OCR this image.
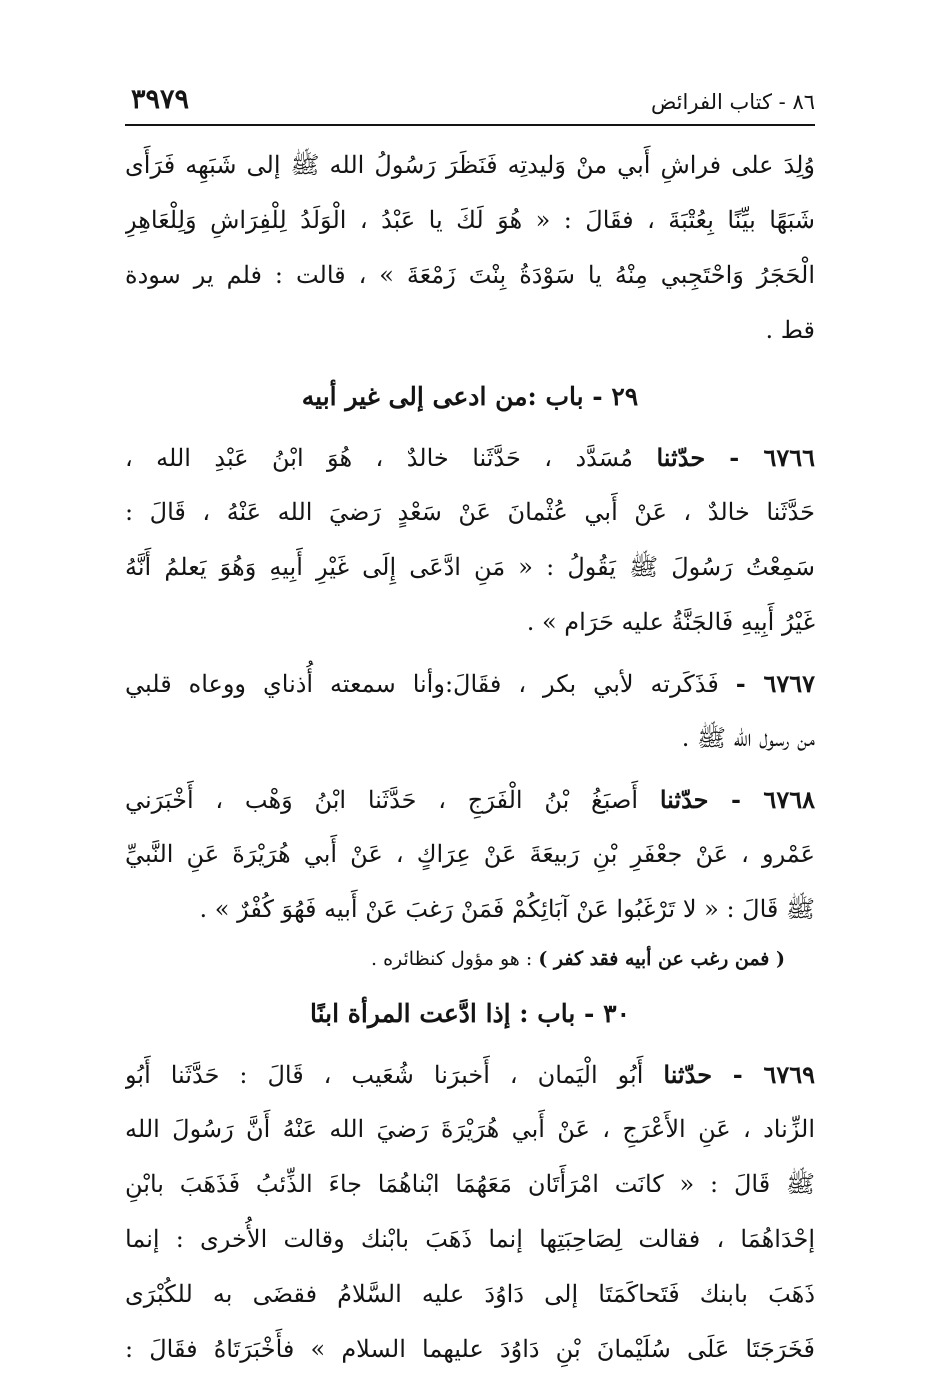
٨٦ - كتاب الفرائض
٣٩٧٩
وُلِدَ على فراشِ أَبي منْ وَليدتِه فَنَظَرَ رَسُولُ الله ﷺ إلى شَبَهِه فَرَأَى
شَبَهًا بيِّنًا بِعُتْبَةَ ، فقَالَ : « هُوَ لَكَ يا عَبْدُ ، الْوَلَدُ لِلْفِرَاشِ وَلِلْعَاهِرِ
الْحَجَرُ وَاحْتَجِبي مِنْهُ يا سَوْدَةُ بِنْتَ زَمْعَةَ » ، قالت : فلم ير سودة
قط .
٢٩ - باب :من ادعى إلى غير أبيه
٦٧٦٦ - حدّثنا مُسَدَّد ، حَدَّثَنا خالدٌ ، هُوَ ابْنُ عَبْدِ الله ،
حَدَّثَنا خالدٌ ، عَنْ أَبي عُثْمانَ عَنْ سَعْدٍ رَضيَ الله عَنْهُ ، قَالَ :
سَمِعْتُ رَسُولَ ﷺ يَقُولُ : « مَنِ ادَّعَى إِلَى غَيْرِ أَبِيهِ وَهُوَ يَعلمُ أَنَّهُ
غَيْرُ أَبِيهِ فَالجَنَّةُ عليه حَرَام » .
٦٧٦٧ - فَذَكَرته لأبي بكر ، فقَالَ:وأنا سمعته أُذناي ووعاه قلبي
من رسول الله ﷺ .
٦٧٦٨ - حدّثنا أَصبَغُ بْنُ الْفَرَجِ ، حَدَّثَنا ابْنُ وَهْب ، أَخْبَرَني
عَمْرو ، عَنْ جعْفَرِ بْنِ رَبيعَةَ عَنْ عِرَاكٍ ، عَنْ أَبي هُرَيْرَةَ عَنِ النَّبيِّ
ﷺ قَالَ : « لا تَرْغَبُوا عَنْ آبَائِكُمْ فَمَنْ رَغبَ عَنْ أَبيه فَهُوَ كُفْرٌ » .
( فمن رغب عن أبيه فقد كفر ) : هو مؤول كنظائره .
٣٠ - باب : إذا ادَّعت المرأة ابنًا
٦٧٦٩ - حدّثنا أَبُو الْيَمان ، أَخبرَنا شُعَيب ، قَالَ : حَدَّثَنا أَبُو
الزِّناد ، عَنِ الأَعْرَجِ ، عَنْ أَبي هُرَيْرَةَ رَضيَ الله عَنْهُ أَنَّ رَسُولَ الله
ﷺ قَالَ : « كانَت امْرَأَتَان مَعَهُمَا ابْناهُمَا جاءَ الذِّئبُ فَذَهَبَ بابْنِ
إحْدَاهُمَا ، فقالت لِصَاحِبَتِها إنما ذَهَبَ بابْنك وقالت الأُخرى : إنما
ذَهَبَ بابنك فَتَحاكَمَتَا إلى دَاوُدَ عليه السَّلامُ فقضَى به للكُبْرَى
فَخَرَجَتَا عَلَى سُلَيْمانَ بْنِ دَاوُدَ عليهما السلام » فأَخْبَرَتَاهُ فقَالَ :
